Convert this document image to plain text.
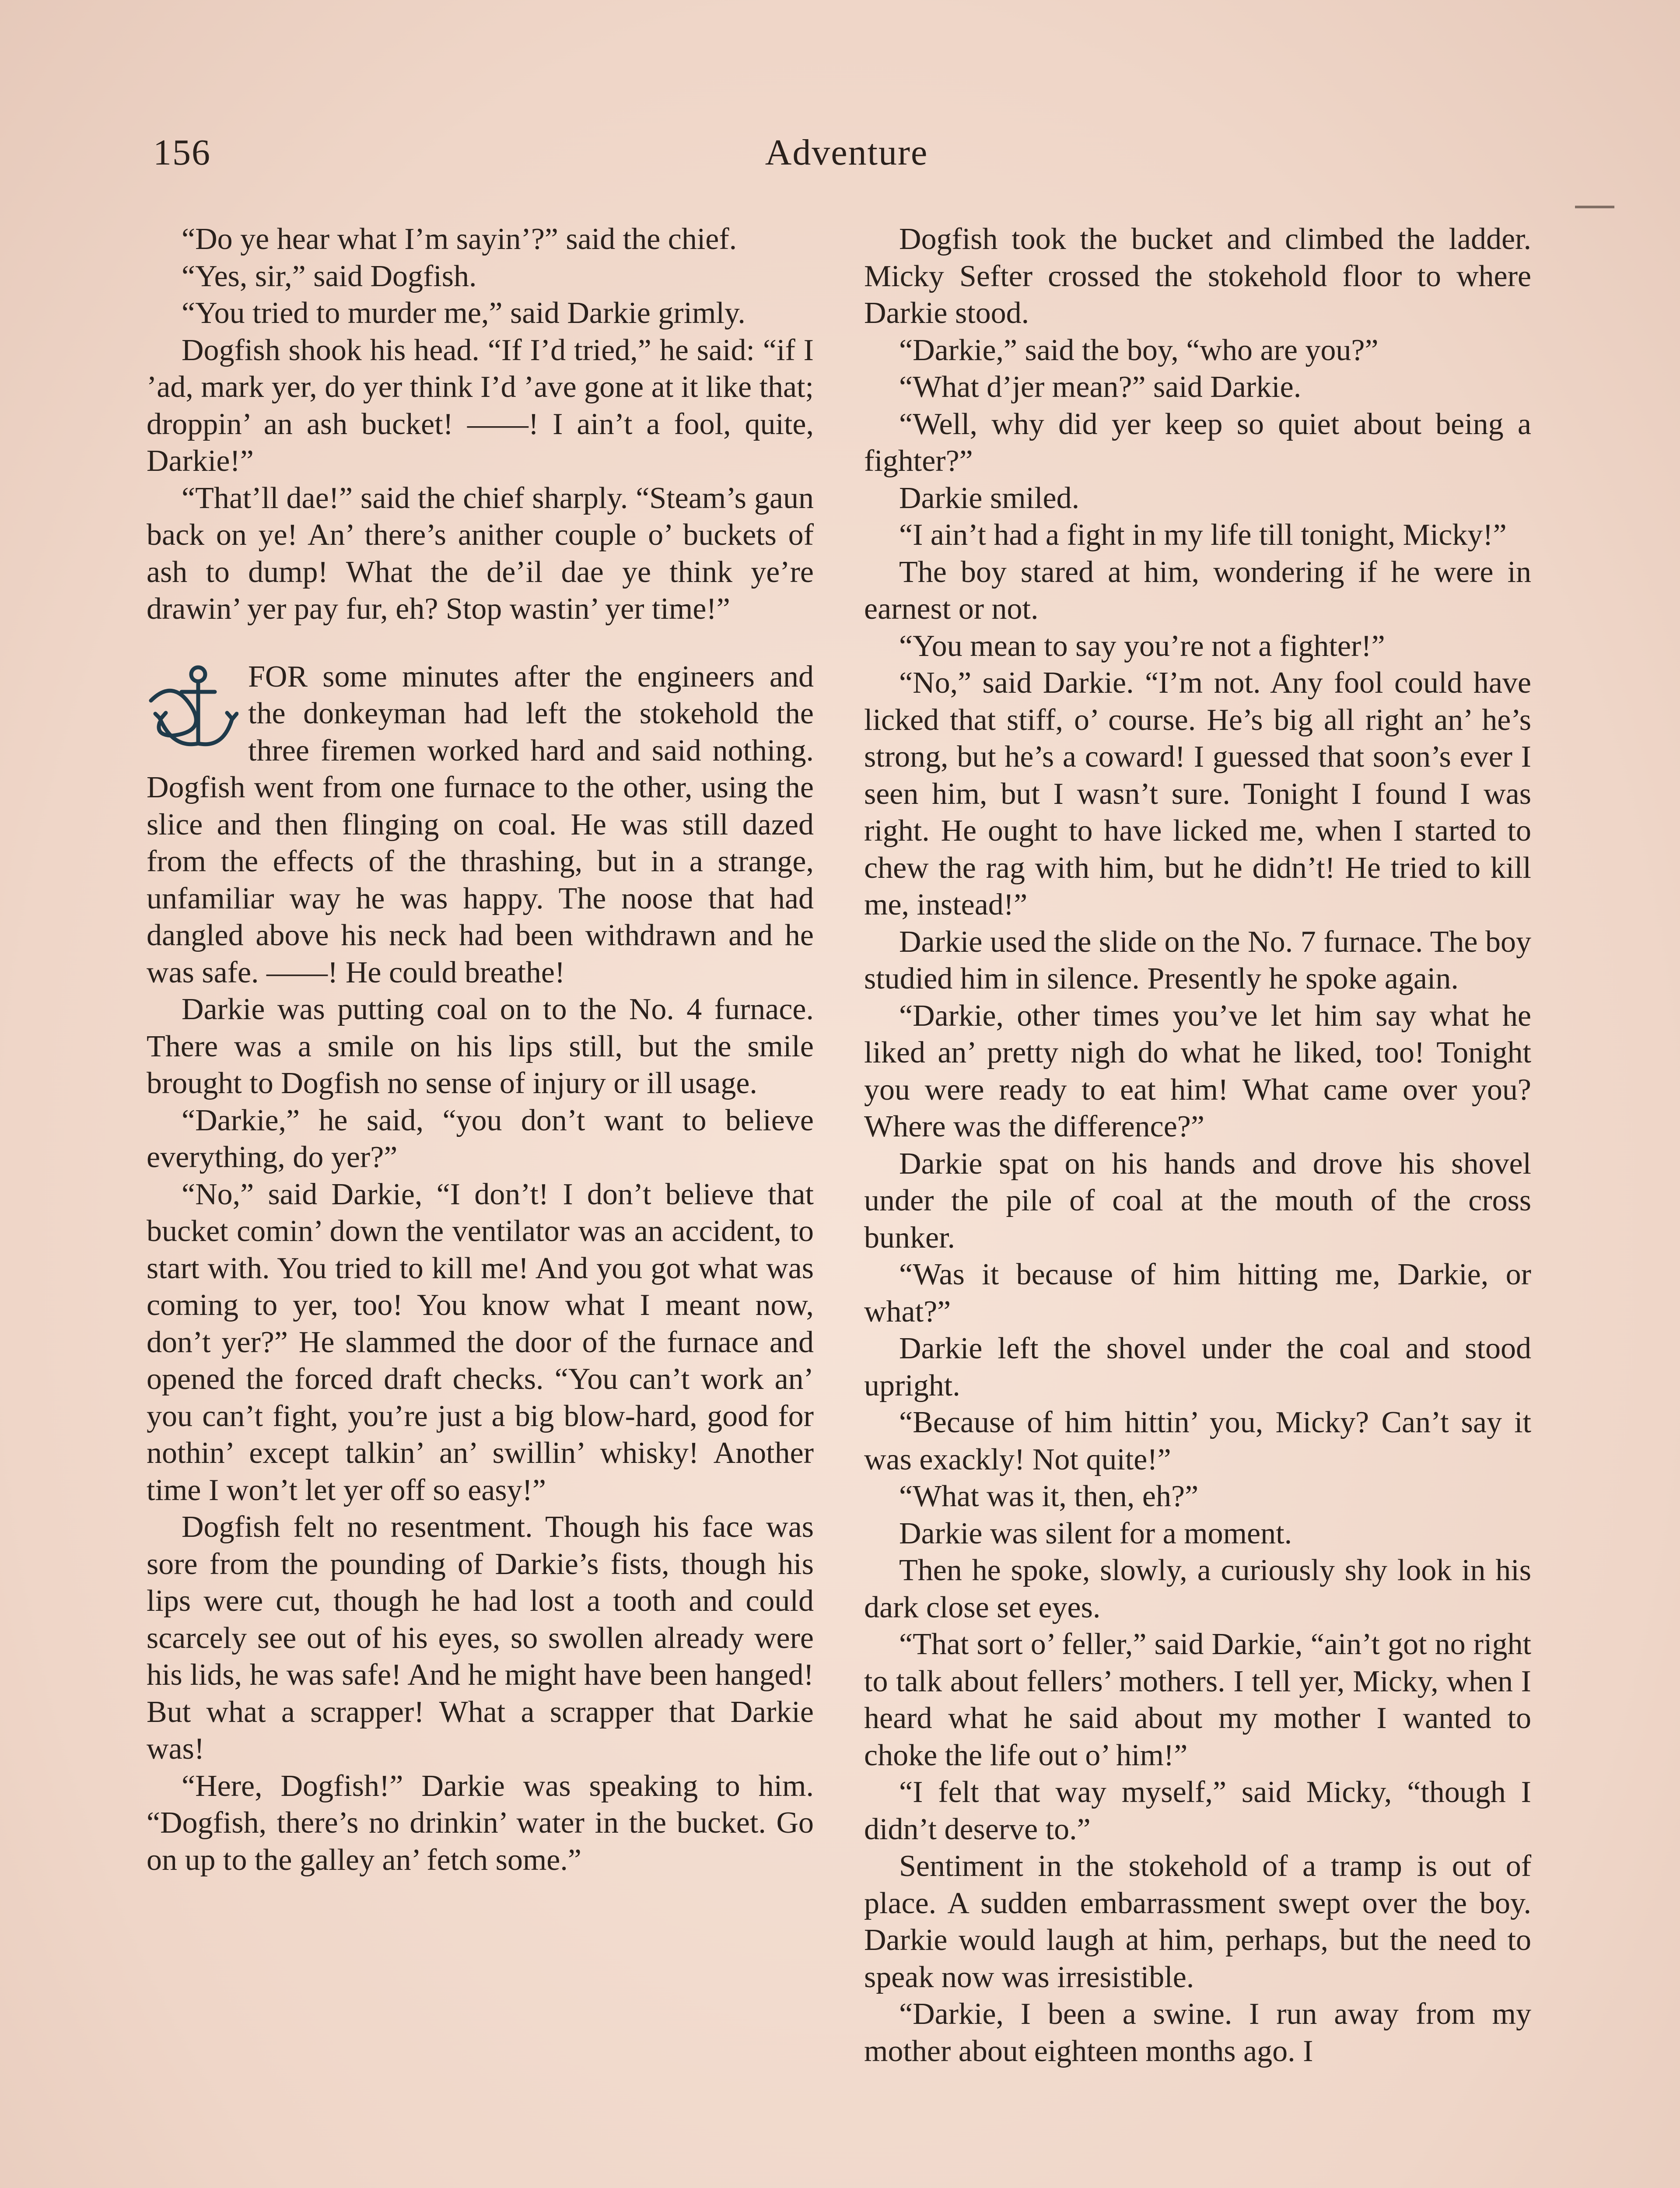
156	Adventure

“Do ye hear what I’m sayin’?” said the chief.

“Yes, sir,” said Dogfish.

“You tried to murder me,” said Darkie grimly.

Dogfish shook his head. “If I’d tried,” he said: “if I ’ad, mark yer, do yer think I’d ’ave gone at it like that; droppin’ an ash bucket! ——! I ain’t a fool, quite, Darkie!”

“That’ll dae!” said the chief sharply. “Steam’s gaun back on ye! An’ there’s anither couple o’ buckets of ash to dump! What the de’il dae ye think ye’re drawin’ yer pay fur, eh? Stop wastin’ yer time!”

FOR some minutes after the engineers and the donkeyman had left the stokehold the three firemen worked hard and said nothing. Dogfish went from one furnace to the other, using the slice and then flinging on coal. He was still dazed from the effects of the thrashing, but in a strange, unfamiliar way he was happy. The noose that had dangled above his neck had been withdrawn and he was safe. ——! He could breathe!

Darkie was putting coal on to the No. 4 furnace. There was a smile on his lips still, but the smile brought to Dogfish no sense of injury or ill usage.

“Darkie,” he said, “you don’t want to believe everything, do yer?”

“No,” said Darkie, “I don’t! I don’t believe that bucket comin’ down the ventilator was an accident, to start with. You tried to kill me! And you got what was coming to yer, too! You know what I meant now, don’t yer?” He slammed the door of the furnace and opened the forced draft checks. “You can’t work an’ you can’t fight, you’re just a big blow-hard, good for nothin’ except talkin’ an’ swillin’ whisky! Another time I won’t let yer off so easy!”

Dogfish felt no resentment. Though his face was sore from the pounding of Darkie’s fists, though his lips were cut, though he had lost a tooth and could scarcely see out of his eyes, so swollen already were his lids, he was safe! And he might have been hanged! But what a scrapper! What a scrapper that Darkie was!

“Here, Dogfish!” Darkie was speaking to him. “Dogfish, there’s no drinkin’ water in the bucket. Go on up to the galley an’ fetch some.”

Dogfish took the bucket and climbed the ladder. Micky Sefter crossed the stokehold floor to where Darkie stood.

“Darkie,” said the boy, “who are you?”

“What d’jer mean?” said Darkie.

“Well, why did yer keep so quiet about being a fighter?”

Darkie smiled.

“I ain’t had a fight in my life till tonight, Micky!”

The boy stared at him, wondering if he were in earnest or not.

“You mean to say you’re not a fighter!”

“No,” said Darkie. “I’m not. Any fool could have licked that stiff, o’ course. He’s big all right an’ he’s strong, but he’s a coward! I guessed that soon’s ever I seen him, but I wasn’t sure. Tonight I found I was right. He ought to have licked me, when I started to chew the rag with him, but he didn’t! He tried to kill me, instead!”

Darkie used the slide on the No. 7 furnace. The boy studied him in silence. Presently he spoke again.

“Darkie, other times you’ve let him say what he liked an’ pretty nigh do what he liked, too! Tonight you were ready to eat him! What came over you? Where was the difference?”

Darkie spat on his hands and drove his shovel under the pile of coal at the mouth of the cross bunker.

“Was it because of him hitting me, Darkie, or what?”

Darkie left the shovel under the coal and stood upright.

“Because of him hittin’ you, Micky? Can’t say it was exackly! Not quite!”

“What was it, then, eh?”

Darkie was silent for a moment.

Then he spoke, slowly, a curiously shy look in his dark close set eyes.

“That sort o’ feller,” said Darkie, “ain’t got no right to talk about fellers’ mothers. I tell yer, Micky, when I heard what he said about my mother I wanted to choke the life out o’ him!”

“I felt that way myself,” said Micky, “though I didn’t deserve to.”

Sentiment in the stokehold of a tramp is out of place. A sudden embarrassment swept over the boy. Darkie would laugh at him, perhaps, but the need to speak now was irresistible.

“Darkie, I been a swine. I run away from my mother about eighteen months ago. I
